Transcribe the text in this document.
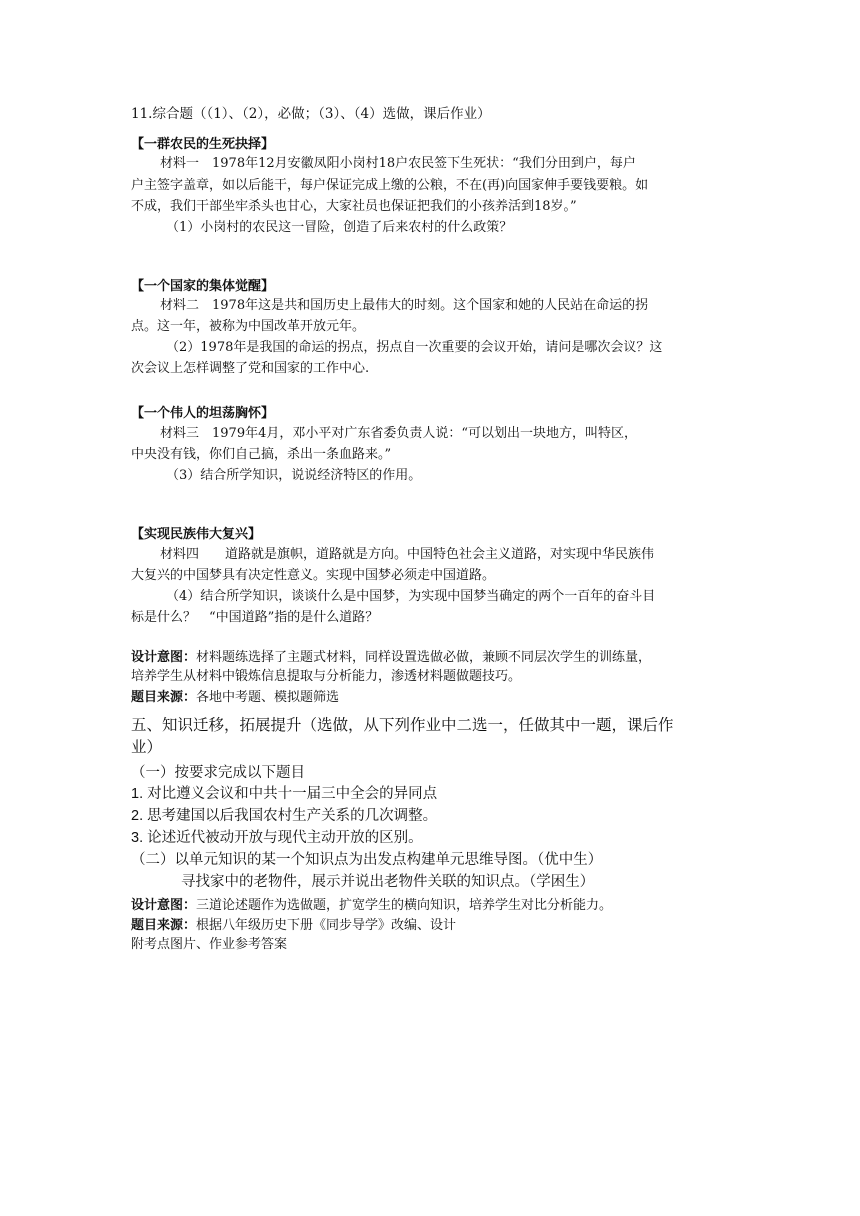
11.综合题（（1）、（2），必做；（3）、（4）选做，课后作业）
【一群农民的生死抉择】
材料一　1978年12月安徽凤阳小岗村18户农民签下生死状：“我们分田到户，每户
户主签字盖章，如以后能干，每户保证完成上缴的公粮，不在(再)向国家伸手要钱要粮。如
不成，我们干部坐牢杀头也甘心，大家社员也保证把我们的小孩养活到18岁。”
（1）小岗村的农民这一冒险，创造了后来农村的什么政策？
【一个国家的集体觉醒】
材料二　1978年这是共和国历史上最伟大的时刻。这个国家和她的人民站在命运的拐
点。这一年，被称为中国改革开放元年。
（2）1978年是我国的命运的拐点，拐点自一次重要的会议开始，请问是哪次会议？这
次会议上怎样调整了党和国家的工作中心.
【一个伟人的坦荡胸怀】
材料三　1979年4月，邓小平对广东省委负责人说：“可以划出一块地方，叫特区，
中央没有钱，你们自己搞，杀出一条血路来。”
（3）结合所学知识，说说经济特区的作用。
【实现民族伟大复兴】
材料四　　道路就是旗帜，道路就是方向。中国特色社会主义道路，对实现中华民族伟
大复兴的中国梦具有决定性意义。实现中国梦必须走中国道路。
（4）结合所学知识，谈谈什么是中国梦，为实现中国梦当确定的两个一百年的奋斗目
标是什么？　“中国道路”指的是什么道路？
设计意图：材料题练选择了主题式材料，同样设置选做必做，兼顾不同层次学生的训练量，
培养学生从材料中锻炼信息提取与分析能力，渗透材料题做题技巧。
题目来源：各地中考题、模拟题筛选
五、知识迁移，拓展提升（选做，从下列作业中二选一，任做其中一题，课后作
业）
（一）按要求完成以下题目
1. 对比遵义会议和中共十一届三中全会的异同点
2. 思考建国以后我国农村生产关系的几次调整。
3. 论述近代被动开放与现代主动开放的区别。
（二）以单元知识的某一个知识点为出发点构建单元思维导图。（优中生）
寻找家中的老物件，展示并说出老物件关联的知识点。（学困生）
设计意图：三道论述题作为选做题，扩宽学生的横向知识，培养学生对比分析能力。
题目来源：根据八年级历史下册《同步导学》改编、设计
附考点图片、作业参考答案
